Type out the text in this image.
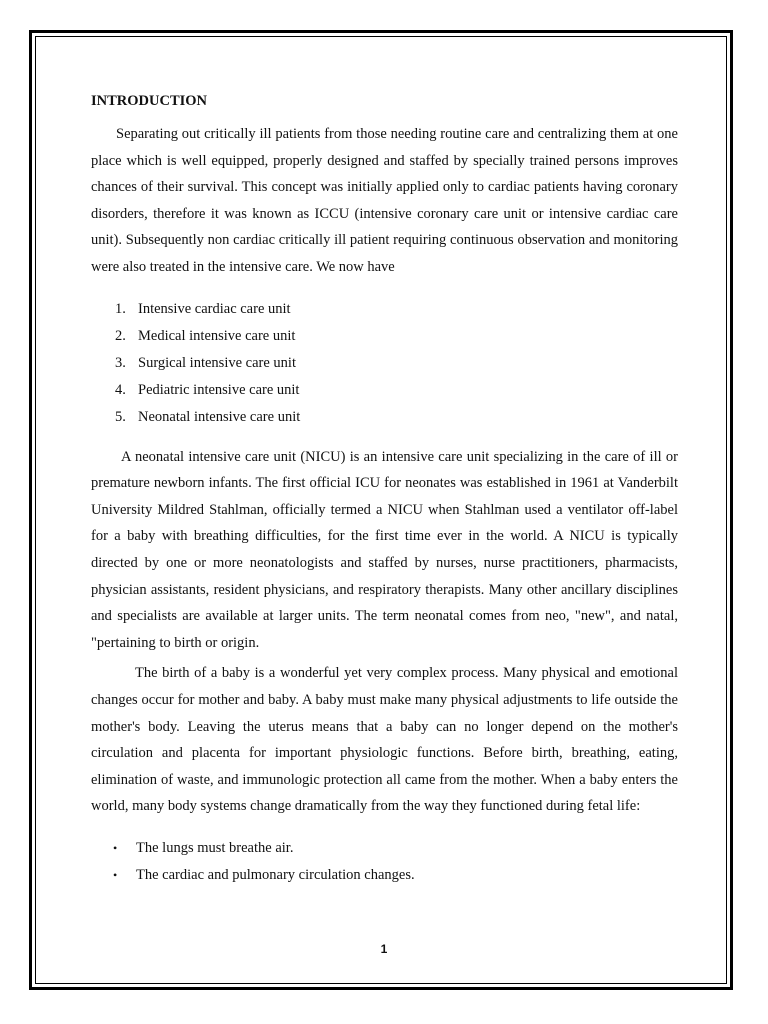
INTRODUCTION

Separating out critically ill patients from those needing routine care and centralizing them at one place which is well equipped, properly designed and staffed by specially trained persons improves chances of their survival. This concept was initially applied only to cardiac patients having coronary disorders, therefore it was known as ICCU (intensive coronary care unit or intensive cardiac care unit). Subsequently non cardiac critically ill patient requiring continuous observation and monitoring were also treated in the intensive care. We now have

1. Intensive cardiac care unit
2. Medical intensive care unit
3. Surgical intensive care unit
4. Pediatric intensive care unit
5. Neonatal intensive care unit

A neonatal intensive care unit (NICU) is an intensive care unit specializing in the care of ill or premature newborn infants. The first official ICU for neonates was established in 1961 at Vanderbilt University Mildred Stahlman, officially termed a NICU when Stahlman used a ventilator off-label for a baby with breathing difficulties, for the first time ever in the world. A NICU is typically directed by one or more neonatologists and staffed by nurses, nurse practitioners, pharmacists, physician assistants, resident physicians, and respiratory therapists. Many other ancillary disciplines and specialists are available at larger units. The term neonatal comes from neo, "new", and natal, "pertaining to birth or origin.

The birth of a baby is a wonderful yet very complex process. Many physical and emotional changes occur for mother and baby. A baby must make many physical adjustments to life outside the mother's body. Leaving the uterus means that a baby can no longer depend on the mother's circulation and placenta for important physiologic functions. Before birth, breathing, eating, elimination of waste, and immunologic protection all came from the mother. When a baby enters the world, many body systems change dramatically from the way they functioned during fetal life:

• The lungs must breathe air.
• The cardiac and pulmonary circulation changes.
1
